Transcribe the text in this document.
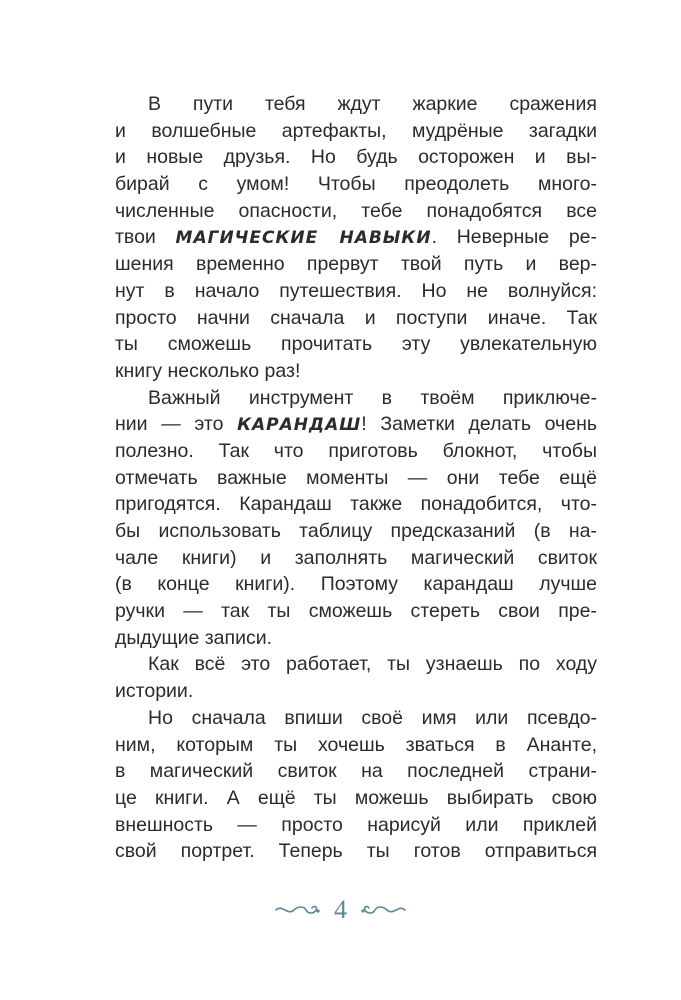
В пути тебя ждут жаркие сражения
и волшебные артефакты, мудрёные загадки
и новые друзья. Но будь осторожен и вы-
бирай с умом! Чтобы преодолеть много-
численные опасности, тебе понадобятся все
твои МАГИЧЕСКИЕ НАВЫКИ. Неверные ре-
шения временно прервут твой путь и вер-
нут в начало путешествия. Но не волнуйся:
просто начни сначала и поступи иначе. Так
ты сможешь прочитать эту увлекательную
книгу несколько раз!
Важный инструмент в твоём приключе-
нии — это КАРАНДАШ! Заметки делать очень
полезно. Так что приготовь блокнот, чтобы
отмечать важные моменты — они тебе ещё
пригодятся. Карандаш также понадобится, что-
бы использовать таблицу предсказаний (в на-
чале книги) и заполнять магический свиток
(в конце книги). Поэтому карандаш лучше
ручки — так ты сможешь стереть свои пре-
дыдущие записи.
Как всё это работает, ты узнаешь по ходу
истории.
Но сначала впиши своё имя или псевдо-
ним, которым ты хочешь зваться в Ананте,
в магический свиток на последней страни-
це книги. А ещё ты можешь выбирать свою
внешность — просто нарисуй или приклей
свой портрет. Теперь ты готов отправиться
4
